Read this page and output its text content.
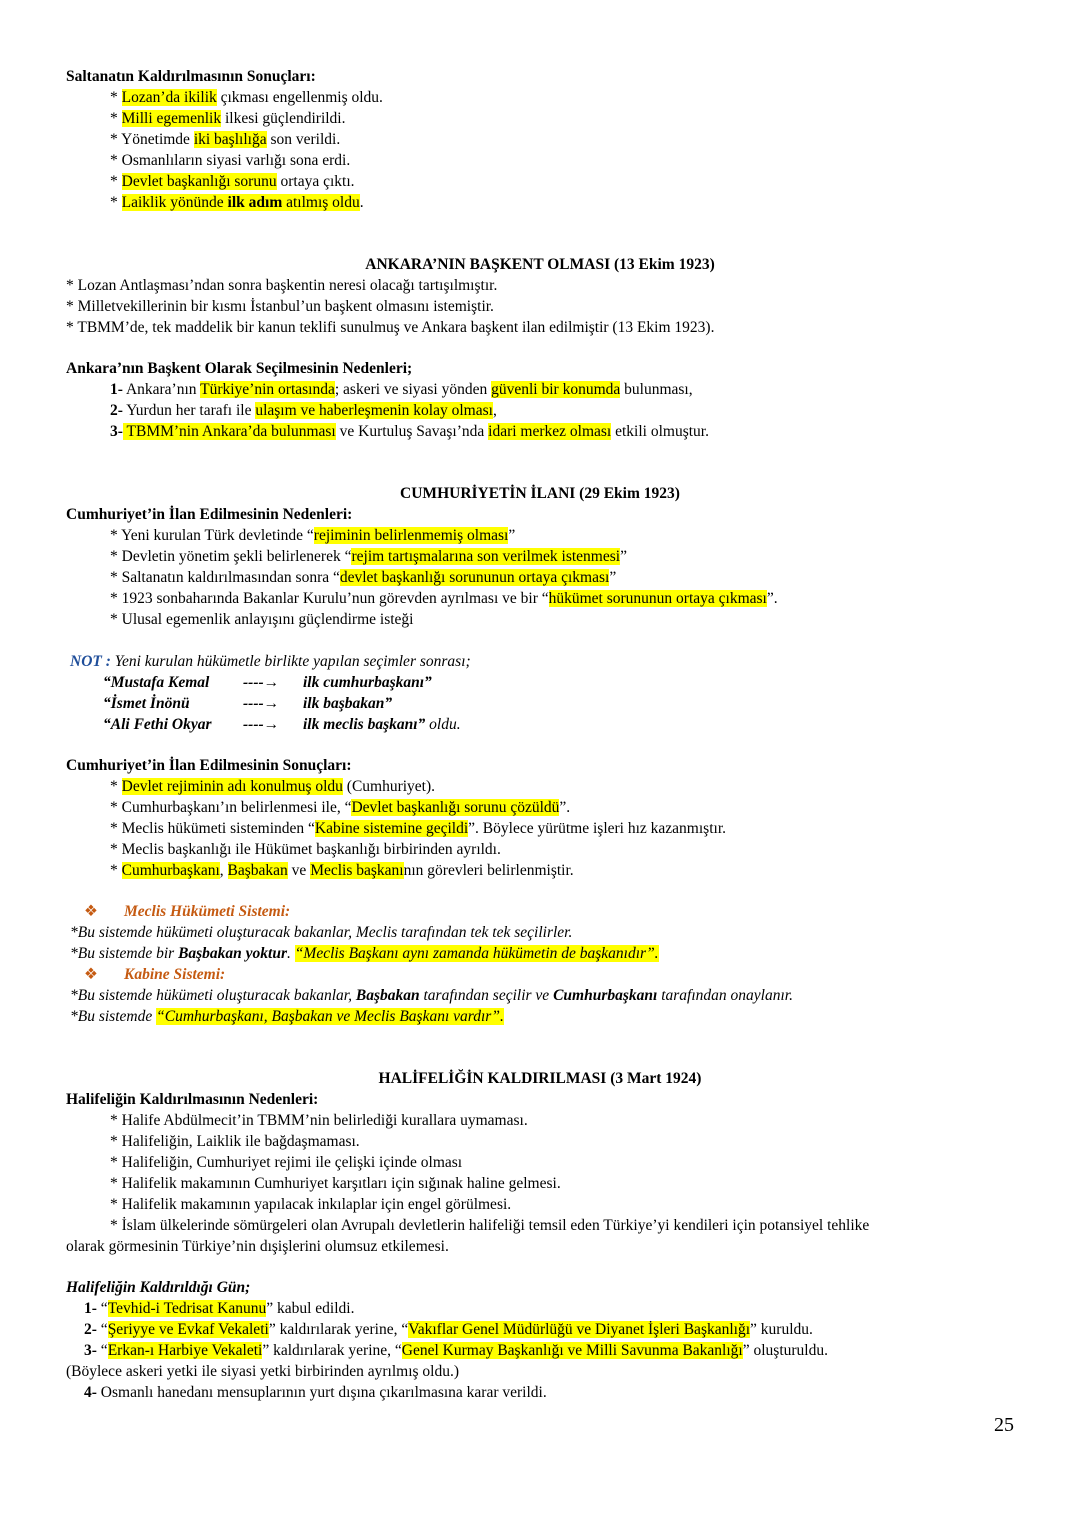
Saltanatın Kaldırılmasının Sonuçları:
* Lozan’da ikilik çıkması engellenmiş oldu.
* Milli egemenlik ilkesi güçlendirildi.
* Yönetimde iki başlılığa son verildi.
* Osmanlıların siyasi varlığı sona erdi.
* Devlet başkanlığı sorunu ortaya çıktı.
* Laiklik yönünde ilk adım atılmış oldu.
ANKARA’NIN BAŞKENT OLMASI (13 Ekim 1923)
* Lozan Antlaşması’ndan sonra başkentin neresi olacağı tartışılmıştır.
* Milletvekillerinin bir kısmı İstanbul’un başkent olmasını istemiştir.
* TBMM’de, tek maddelik bir kanun teklifi sunulmuş ve Ankara başkent ilan edilmiştir (13 Ekim 1923).
Ankara’nın Başkent Olarak Seçilmesinin Nedenleri;
1- Ankara’nın Türkiye’nin ortasında; askeri ve siyasi yönden güvenli bir konumda bulunması,
2- Yurdun her tarafı ile ulaşım ve haberleşmenin kolay olması,
3- TBMM’nin Ankara’da bulunması ve Kurtuluş Savaşı’nda idari merkez olması etkili olmuştur.
CUMHURİYETİN İLANI (29 Ekim 1923)
Cumhuriyet’in İlan Edilmesinin Nedenleri:
* Yeni kurulan Türk devletinde “rejiminin belirlenmemiş olması”
* Devletin yönetim şekli belirlenerek “rejim tartışmalarına son verilmek istenmesi”
* Saltanatın kaldırılmasından sonra “devlet başkanlığı sorununun ortaya çıkması”
* 1923 sonbaharında Bakanlar Kurulu’nun görevden ayrılması ve bir “hükümet sorununun ortaya çıkması”.
* Ulusal egemenlik anlayışını güçlendirme isteği
NOT : Yeni kurulan hükümetle birlikte yapılan seçimler sonrası;
“Mustafa Kemal ----→ ilk cumhurbaşkanı”
“İsmet İnönü	----→ ilk başbakan”
“Ali Fethi Okyar ----→ ilk meclis başkanı” oldu.
Cumhuriyet’in İlan Edilmesinin Sonuçları:
* Devlet rejiminin adı konulmuş oldu (Cumhuriyet).
* Cumhurbaşkanı’ın belirlenmesi ile, “Devlet başkanlığı sorunu çözüldü”.
* Meclis hükümeti sisteminden “Kabine sistemine geçildi”. Böylece yürütme işleri hız kazanmıştır.
* Meclis başkanlığı ile Hükümet başkanlığı birbirinden ayrıldı.
* Cumhurbaşkanı, Başbakan ve Meclis başkanının görevleri belirlenmiştir.
❖ Meclis Hükümeti Sistemi:
*Bu sistemde hükümeti oluşturacak bakanlar, Meclis tarafından tek tek seçilirler.
*Bu sistemde bir Başbakan yoktur. “Meclis Başkanı aynı zamanda hükümetin de başkanıdır”.
❖ Kabine Sistemi:
*Bu sistemde hükümeti oluşturacak bakanlar, Başbakan tarafından seçilir ve Cumhurbaşkanı tarafından onaylanır.
*Bu sistemde “Cumhurbaşkanı, Başbakan ve Meclis Başkanı vardır”.
HALİFELİĞİN KALDIRILMASI (3 Mart 1924)
Halifeliğin Kaldırılmasının Nedenleri:
* Halife Abdülmecit’in TBMM’nin belirlediği kurallara uymaması.
* Halifeliğin, Laiklik ile bağdaşmaması.
* Halifeliğin, Cumhuriyet rejimi ile çelişki içinde olması
* Halifelik makamının Cumhuriyet karşıtları için sığınak haline gelmesi.
* Halifelik makamının yapılacak inkılaplar için engel görülmesi.
* İslam ülkelerinde sömürgeleri olan Avrupalı devletlerin halifeliği temsil eden Türkiye’yi kendileri için potansiyel tehlike
olarak görmesinin Türkiye’nin dışişlerini olumsuz etkilemesi.
Halifeliğin Kaldırıldığı Gün;
1- “Tevhid-i Tedrisat Kanunu” kabul edildi.
2- “Şeriyye ve Evkaf Vekaleti” kaldırılarak yerine, “Vakıflar Genel Müdürlüğü ve Diyanet İşleri Başkanlığı” kuruldu.
3- “Erkan-ı Harbiye Vekaleti” kaldırılarak yerine, “Genel Kurmay Başkanlığı ve Milli Savunma Bakanlığı” oluşturuldu.
(Böylece askeri yetki ile siyasi yetki birbirinden ayrılmış oldu.)
4- Osmanlı hanedanı mensuplarının yurt dışına çıkarılmasına karar verildi.
25
